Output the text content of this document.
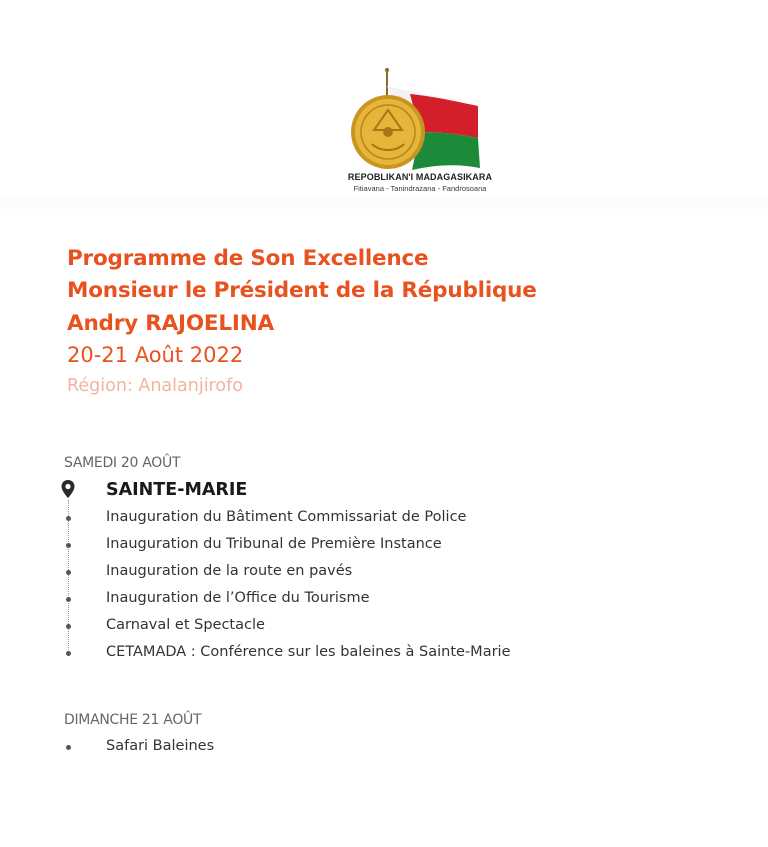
REPOBLIKAN'I MADAGASIKARA
Fitiavana - Tanindrazana - Fandrosoana
Programme de Son Excellence
Monsieur le Président de la République
Andry RAJOELINA

20-21 Août 2022

Région: Analanjirofo

SAMEDI 20 AOÛT

SAINTE-MARIE

Inauguration du Bâtiment Commissariat de Police

Inauguration du Tribunal de Première Instance

Inauguration de la route en pavés

Inauguration de l’Office du Tourisme

Carnaval et Spectacle

CETAMADA : Conférence sur les baleines à Sainte-Marie

DIMANCHE 21 AOÛT

Safari Baleines
